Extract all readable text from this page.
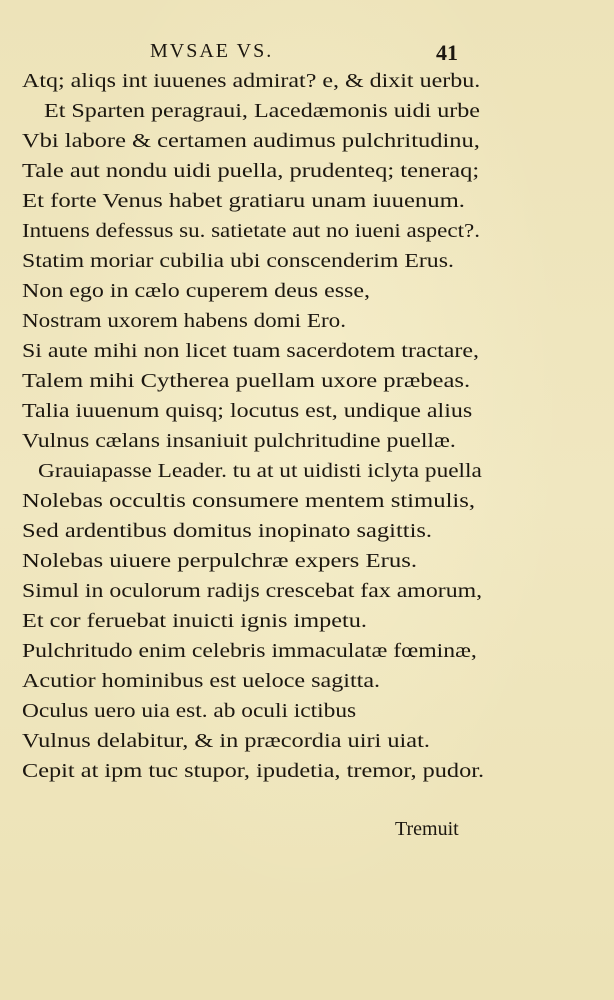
MVSAE VS.	41
Atq; aliqs int iuuenes admirat? e, & dixit uerbu.
Et Sparten peragraui, Lacedæmonis uidi urbe
Vbi labore & certamen audimus pulchritudinu,
Tale aut nondu uidi puella, prudenteq; teneraq;
Et forte Venus habet gratiaru unam iuuenum.
Intuens defessus su. satietate aut no iueni aspect?.
Statim moriar cubilia ubi conscenderim Erus.
Non ego in cælo cuperem deus esse,
Nostram uxorem habens domi Ero.
Si aute mihi non licet tuam sacerdotem tractare,
Talem mihi Cytherea puellam uxore præbeas.
Talia iuuenum quisq; locutus est, undique alius
Vulnus cælans insaniuit pulchritudine puellæ.
Grauiapasse Leader. tu at ut uidisti iclyta puella
Nolebas occultis consumere mentem stimulis,
Sed ardentibus domitus inopinato sagittis.
Nolebas uiuere perpulchræ expers Erus.
Simul in oculorum radijs crescebat fax amorum,
Et cor feruebat inuicti ignis impetu.
Pulchritudo enim celebris immaculatæ fœminæ,
Acutior hominibus est ueloce sagitta.
Oculus uero uia est. ab oculi ictibus
Vulnus delabitur, & in præcordia uiri uiat.
Cepit at ipm tuc stupor, ipudetia, tremor, pudor.
Tremuit
